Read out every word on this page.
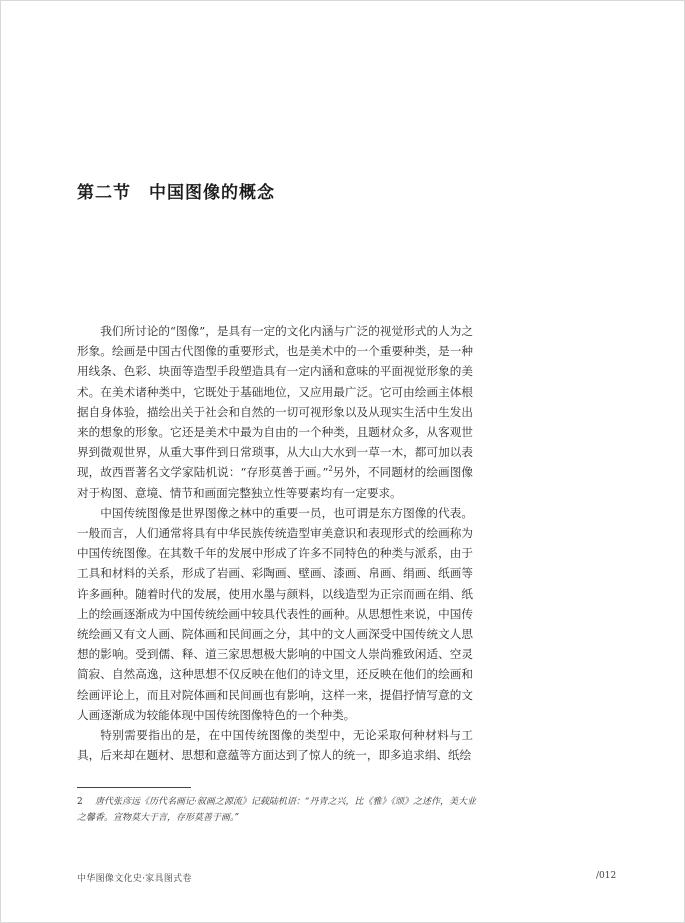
第二节　中国图像的概念

我们所讨论的“图像”，是具有一定的文化内涵与广泛的视觉形式的人为之形象。绘画是中国古代图像的重要形式，也是美术中的一个重要种类，是一种用线条、色彩、块面等造型手段塑造具有一定内涵和意味的平面视觉形象的美术。在美术诸种类中，它既处于基础地位，又应用最广泛。它可由绘画主体根据自身体验，描绘出关于社会和自然的一切可视形象以及从现实生活中生发出来的想象的形象。它还是美术中最为自由的一个种类，且题材众多，从客观世界到微观世界，从重大事件到日常琐事，从大山大水到一草一木，都可加以表现，故西晋著名文学家陆机说：“存形莫善于画。”$^2$另外，不同题材的绘画图像对于构图、意境、情节和画面完整独立性等要素均有一定要求。

中国传统图像是世界图像之林中的重要一员，也可谓是东方图像的代表。一般而言，人们通常将具有中华民族传统造型审美意识和表现形式的绘画称为中国传统图像。在其数千年的发展中形成了许多不同特色的种类与派系，由于工具和材料的关系，形成了岩画、彩陶画、壁画、漆画、帛画、绢画、纸画等许多画种。随着时代的发展，使用水墨与颜料，以线造型为正宗而画在绢、纸上的绘画逐渐成为中国传统绘画中较具代表性的画种。从思想性来说，中国传统绘画又有文人画、院体画和民间画之分，其中的文人画深受中国传统文人思想的影响。受到儒、释、道三家思想极大影响的中国文人崇尚雅致闲适、空灵简寂、自然高逸，这种思想不仅反映在他们的诗文里，还反映在他们的绘画和绘画评论上，而且对院体画和民间画也有影响，这样一来，提倡抒情写意的文人画逐渐成为较能体现中国传统图像特色的一个种类。

特别需要指出的是，在中国传统图像的类型中，无论采取何种材料与工具，后来却在题材、思想和意蕴等方面达到了惊人的统一，即多追求绢、纸绘

2 唐代张彦远《历代名画记·叙画之源流》记载陆机语：“丹青之兴，比《雅》《颂》之述作，美大业之馨香。宣物莫大于言，存形莫善于画。”

中华图像文化史·家具图式卷	/012
